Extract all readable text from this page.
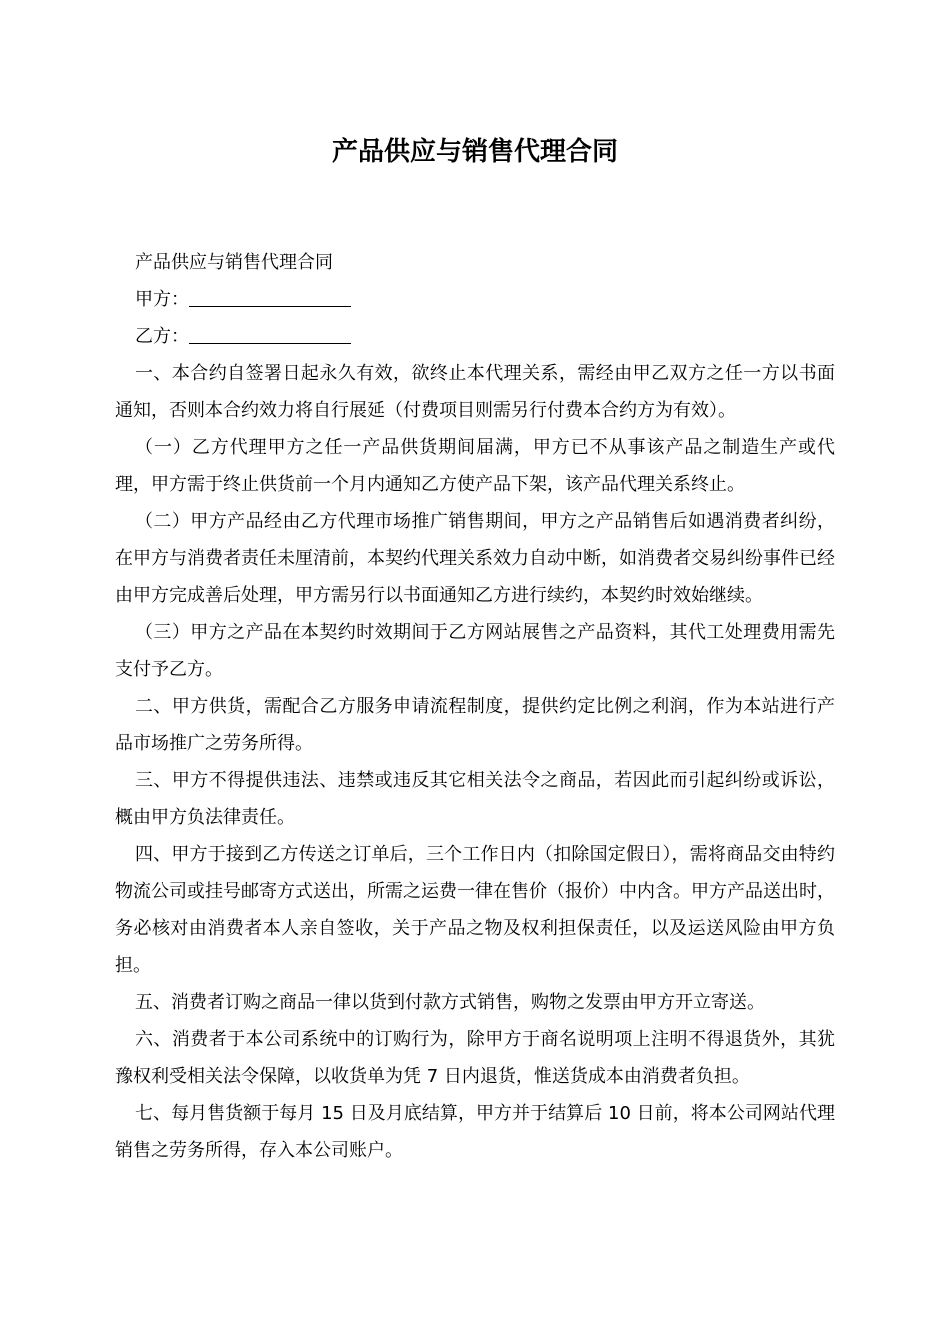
产品供应与销售代理合同

产品供应与销售代理合同

甲方：

乙方：

一、本合约自签署日起永久有效，欲终止本代理关系，需经由甲乙双方之任一方以书面通知，否则本合约效力将自行展延（付费项目则需另行付费本合约方为有效）。

（一）乙方代理甲方之任一产品供货期间届满，甲方已不从事该产品之制造生产或代理，甲方需于终止供货前一个月内通知乙方使产品下架，该产品代理关系终止。

（二）甲方产品经由乙方代理市场推广销售期间，甲方之产品销售后如遇消费者纠纷，在甲方与消费者责任未厘清前，本契约代理关系效力自动中断，如消费者交易纠纷事件已经由甲方完成善后处理，甲方需另行以书面通知乙方进行续约，本契约时效始继续。

（三）甲方之产品在本契约时效期间于乙方网站展售之产品资料，其代工处理费用需先支付予乙方。

二、甲方供货，需配合乙方服务申请流程制度，提供约定比例之利润，作为本站进行产品市场推广之劳务所得。

三、甲方不得提供违法、违禁或违反其它相关法令之商品，若因此而引起纠纷或诉讼，概由甲方负法律责任。

四、甲方于接到乙方传送之订单后，三个工作日内（扣除国定假日），需将商品交由特约物流公司或挂号邮寄方式送出，所需之运费一律在售价（报价）中内含。甲方产品送出时，务必核对由消费者本人亲自签收，关于产品之物及权利担保责任，以及运送风险由甲方负担。

五、消费者订购之商品一律以货到付款方式销售，购物之发票由甲方开立寄送。

六、消费者于本公司系统中的订购行为，除甲方于商名说明项上注明不得退货外，其犹豫权利受相关法令保障，以收货单为凭 7 日内退货，惟送货成本由消费者负担。

七、每月售货额于每月 15 日及月底结算，甲方并于结算后 10 日前，将本公司网站代理销售之劳务所得，存入本公司账户。
